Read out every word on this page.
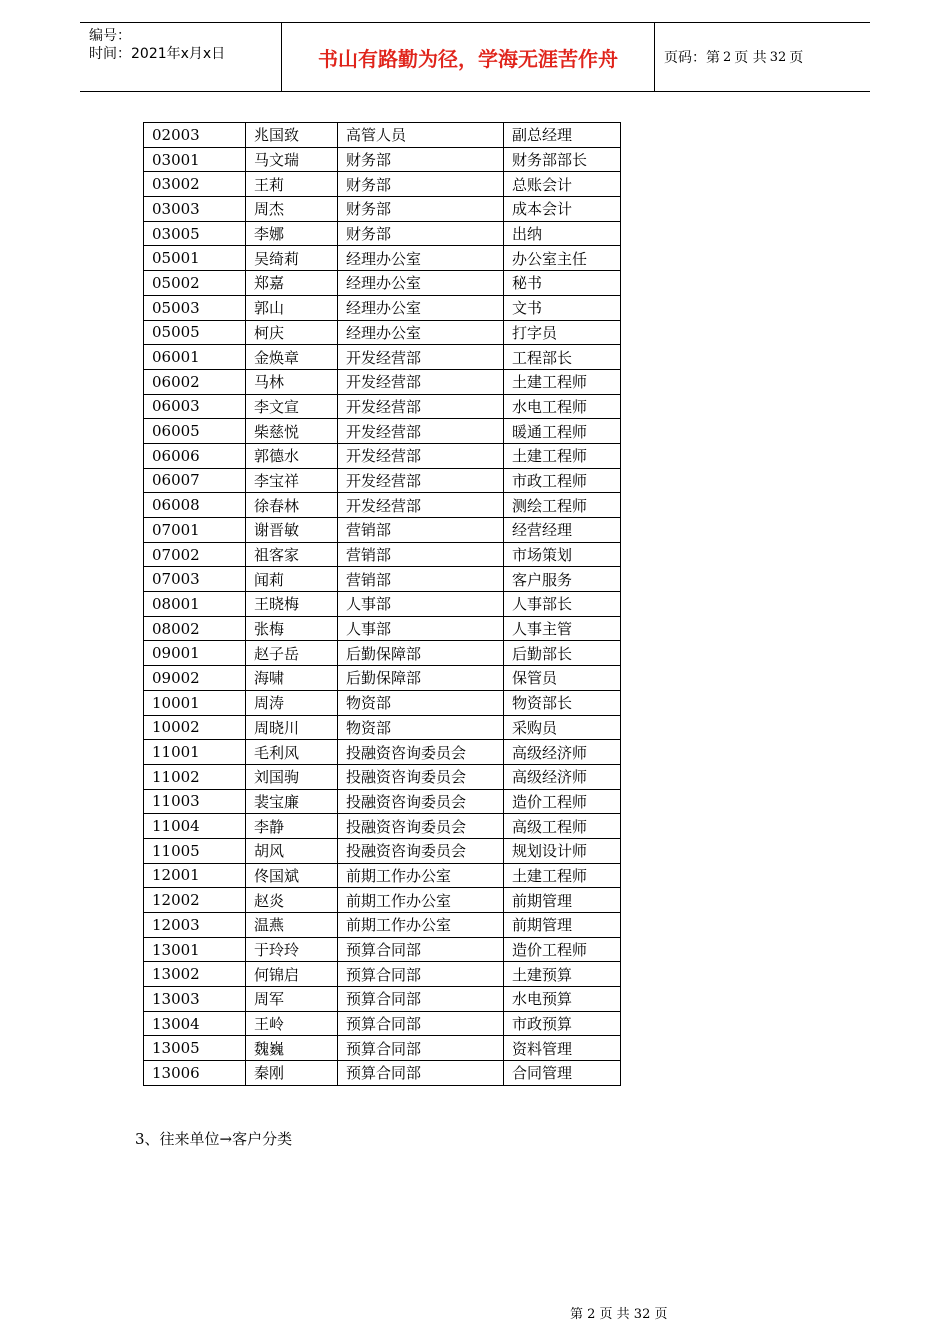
编号：
时间：2021年x月x日	书山有路勤为径，学海无涯苦作舟	页码：第 2 页 共 32 页
02003	兆国致	高管人员	副总经理
03001	马文瑞	财务部	财务部部长
03002	王莉	财务部	总账会计
03003	周杰	财务部	成本会计
03005	李娜	财务部	出纳
05001	吴绮莉	经理办公室	办公室主任
05002	郑嘉	经理办公室	秘书
05003	郭山	经理办公室	文书
05005	柯庆	经理办公室	打字员
06001	金焕章	开发经营部	工程部长
06002	马林	开发经营部	土建工程师
06003	李文宣	开发经营部	水电工程师
06005	柴慈悦	开发经营部	暖通工程师
06006	郭德水	开发经营部	土建工程师
06007	李宝祥	开发经营部	市政工程师
06008	徐春林	开发经营部	测绘工程师
07001	谢晋敏	营销部	经营经理
07002	祖客家	营销部	市场策划
07003	闻莉	营销部	客户服务
08001	王晓梅	人事部	人事部长
08002	张梅	人事部	人事主管
09001	赵子岳	后勤保障部	后勤部长
09002	海啸	后勤保障部	保管员
10001	周涛	物资部	物资部长
10002	周晓川	物资部	采购员
11001	毛利风	投融资咨询委员会	高级经济师
11002	刘国驹	投融资咨询委员会	高级经济师
11003	裴宝廉	投融资咨询委员会	造价工程师
11004	李静	投融资咨询委员会	高级工程师
11005	胡风	投融资咨询委员会	规划设计师
12001	佟国斌	前期工作办公室	土建工程师
12002	赵炎	前期工作办公室	前期管理
12003	温燕	前期工作办公室	前期管理
13001	于玲玲	预算合同部	造价工程师
13002	何锦启	预算合同部	土建预算
13003	周军	预算合同部	水电预算
13004	王岭	预算合同部	市政预算
13005	魏巍	预算合同部	资料管理
13006	秦刚	预算合同部	合同管理
3、往来单位→客户分类
第 2 页 共 32 页
